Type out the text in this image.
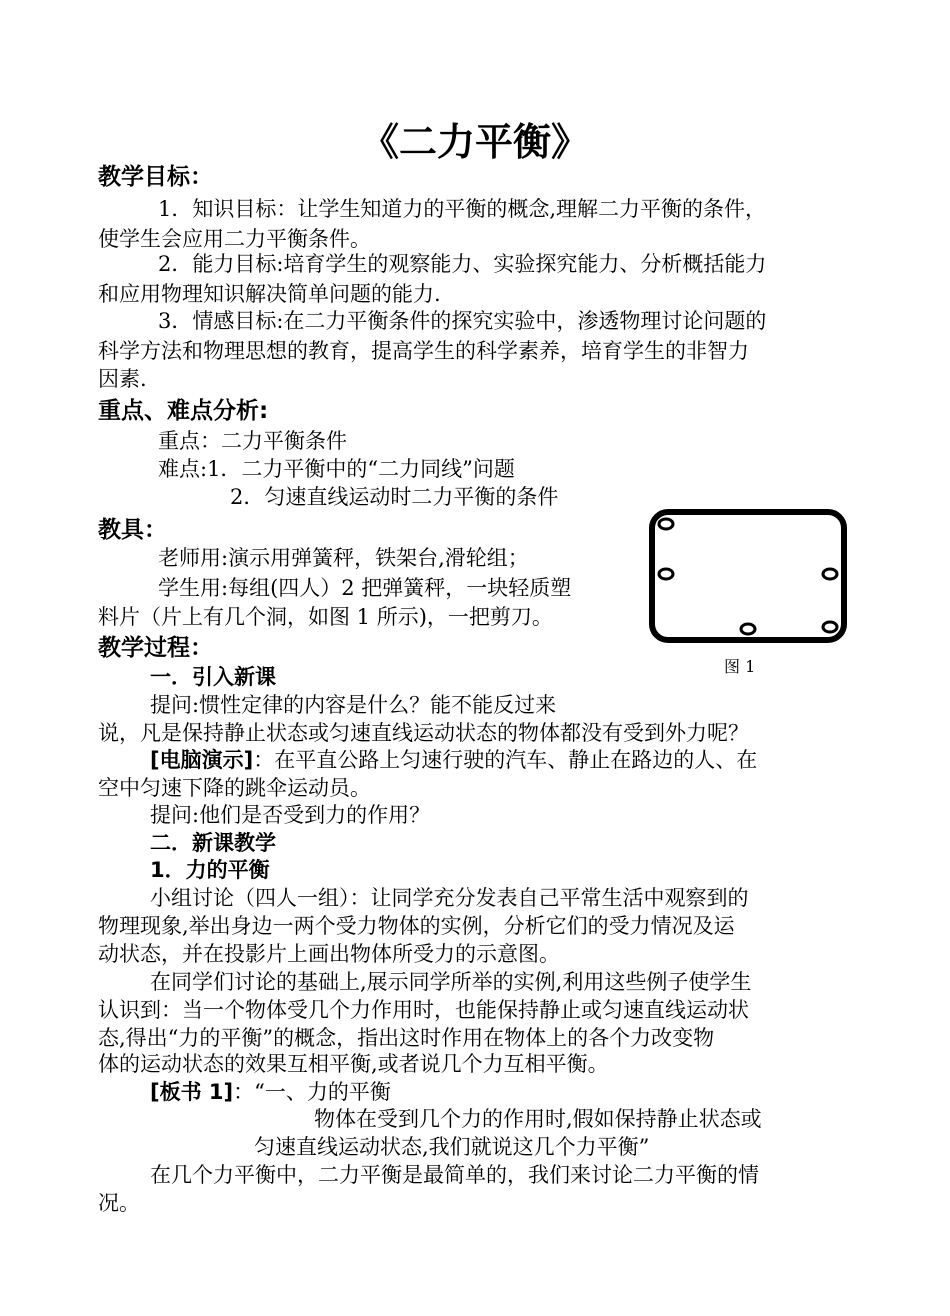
《二力平衡》
教学目标：
1．知识目标：让学生知道力的平衡的概念,理解二力平衡的条件，
使学生会应用二力平衡条件。
2．能力目标:培育学生的观察能力、实验探究能力、分析概括能力
和应用物理知识解决简单问题的能力.
3．情感目标:在二力平衡条件的探究实验中，渗透物理讨论问题的
科学方法和物理思想的教育，提高学生的科学素养，培育学生的非智力
因素.
重点、难点分析:
重点：二力平衡条件
难点:1．二力平衡中的“二力同线”问题
2．匀速直线运动时二力平衡的条件
教具：
老师用:演示用弹簧秤，铁架台,滑轮组；
学生用:每组(四人）2 把弹簧秤，一块轻质塑
料片（片上有几个洞，如图 1 所示)，一把剪刀。
图 1
教学过程：
一．引入新课
提问:惯性定律的内容是什么？能不能反过来
说，凡是保持静止状态或匀速直线运动状态的物体都没有受到外力呢？
[电脑演示]：在平直公路上匀速行驶的汽车、静止在路边的人、在
空中匀速下降的跳伞运动员。
提问:他们是否受到力的作用？
二．新课教学
1．力的平衡
小组讨论（四人一组）：让同学充分发表自己平常生活中观察到的
物理现象,举出身边一两个受力物体的实例，分析它们的受力情况及运
动状态，并在投影片上画出物体所受力的示意图。
在同学们讨论的基础上,展示同学所举的实例,利用这些例子使学生
认识到：当一个物体受几个力作用时，也能保持静止或匀速直线运动状
态,得出“力的平衡”的概念，指出这时作用在物体上的各个力改变物
体的运动状态的效果互相平衡,或者说几个力互相平衡。
[板书 1]：“一、力的平衡
物体在受到几个力的作用时,假如保持静止状态或
匀速直线运动状态,我们就说这几个力平衡”
在几个力平衡中，二力平衡是最简单的，我们来讨论二力平衡的情
况。
